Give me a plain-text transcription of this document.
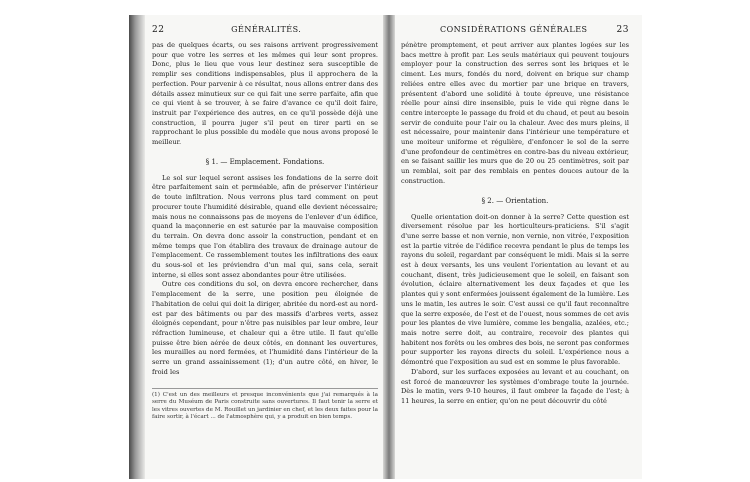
22	GÉNÉRALITÉS.

pas de quelques écarts, ou ses raisons arrivent progressivement pour que votre les serres et les mêmes qui leur sont propres. Donc, plus le lieu que vous leur destinez sera susceptible de remplir ses conditions indispensables, plus il approchera de la perfection. Pour parvenir à ce résultat, nous allons entrer dans des détails assez minutieux sur ce qui fait une serre parfaite, afin que ce qui vient à se trouver, à se faire d'avance ce qu'il doit faire, instruit par l'expérience des autres, en ce qu'il possède déjà une construction, il pourra juger s'il peut en tirer parti en se rapprochant le plus possible du modèle que nous avons proposé le meilleur.

§ 1. — Emplacement. Fondations.

Le sol sur lequel seront assises les fondations de la serre doit être parfaitement sain et perméable, afin de préserver l'intérieur de toute infiltration. Nous verrons plus tard comment on peut procurer toute l'humidité désirable, quand elle devient nécessaire; mais nous ne connaissons pas de moyens de l'enlever d'un édifice, quand la maçonnerie en est saturée par la mauvaise composition du terrain. On devra donc assoir la construction, pendant et en même temps que l'on établira des travaux de drainage autour de l'emplacement. Ce rassemblement toutes les infiltrations des eaux du sous-sol et les préviendra d'un mal qui, sans cela, serait interne, si elles sont assez abondantes pour être utilisées.

Outre ces conditions du sol, on devra encore rechercher, dans l'emplacement de la serre, une position peu éloignée de l'habitation de celui qui doit la diriger, abritée du nord-est au nord-est par des bâtiments ou par des massifs d'arbres verts, assez éloignés cependant, pour n'être pas nuisibles par leur ombre, leur réfraction lumineuse, et chaleur qui a être utile. Il faut qu'elle puisse être bien aérée de deux côtés, en donnant les ouvertures, les murailles au nord fermées, et l'humidité dans l'intérieur de la serre un grand assainissement (1); d'un autre côté, en hiver, le froid les

(1) C'est un des meilleurs et presque inconvénients que j'ai remarqués à la serre du Muséum de Paris construite sans ouvertures. Il faut tenir la serre et les vitres ouvertes de M. Rouillet un jardinier en chef, et les deux faites pour la faire sortir, à l'écart ... de l'atmosphère qui, y a produit en bien temps.
CONSIDÉRATIONS GÉNÉRALES	23

pénètre promptement, et peut arriver aux plantes logées sur les bacs mettre à profit par. Les seuls matériaux qui peuvent toujours employer pour la construction des serres sont les briques et le ciment. Les murs, fondés du nord, doivent en brique sur champ reliées entre elles avec du mortier par une brique en travers, présentent d'abord une solidité à toute épreuve, une résistance réelle pour ainsi dire insensible, puis le vide qui règne dans le centre intercepte le passage du froid et du chaud, et peut au besoin servir de conduite pour l'air ou la chaleur. Avec des murs pleins, il est nécessaire, pour maintenir dans l'intérieur une température et une moiteur uniforme et régulière, d'enfoncer le sol de la serre d'une profondeur de centimètres en contre-bas du niveau extérieur, en se faisant saillir les murs que de 20 ou 25 centimètres, soit par un remblai, soit par des remblais en pentes douces autour de la construction.

§ 2. — Orientation.

Quelle orientation doit-on donner à la serre? Cette question est diversement résolue par les horticulteurs-praticiens. S'il s'agit d'une serre basse et non vernie, non vernie, non vitrée, l'exposition est la partie vitrée de l'édifice recevra pendant le plus de temps les rayons du soleil, regardant par conséquent le midi. Mais si la serre est à deux versants, les uns veulent l'orientation au levant et au couchant, disent, très judicieusement que le soleil, en faisant son évolution, éclaire alternativement les deux façades et que les plantes qui y sont enfermées jouissent également de la lumière. Les uns le matin, les autres le soir. C'est aussi ce qu'il faut reconnaître que la serre exposée, de l'est et de l'ouest, nous sommes de cet avis pour les plantes de vive lumière, comme les bengalia, azalées, etc.; mais notre serre doit, au contraire, recevoir des plantes qui habitent nos forêts ou les ombres des bois, ne seront pas conformes pour supporter les rayons directs du soleil. L'expérience nous a démontré que l'exposition au sud est en somme le plus favorable.

D'abord, sur les surfaces exposées au levant et au couchant, on est forcé de manœuvrer les systèmes d'ombrage toute la journée. Dès le matin, vers 9-10 heures, il faut ombrer la façade de l'est; à 11 heures, la serre en entier, qu'on ne peut découvrir du côté
